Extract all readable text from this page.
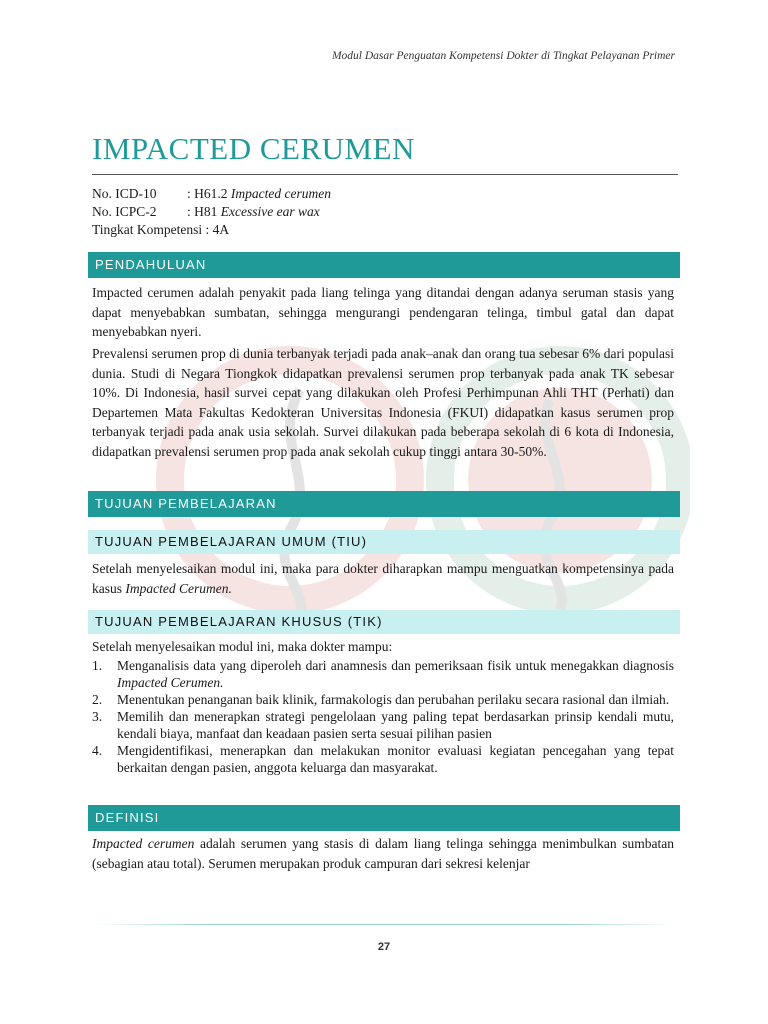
Modul Dasar Penguatan Kompetensi Dokter di Tingkat Pelayanan Primer
IMPACTED CERUMEN
No. ICD-10	: H61.2 Impacted cerumen
No. ICPC-2	: H81 Excessive ear wax
Tingkat Kompetensi : 4A
PENDAHULUAN

Impacted cerumen adalah penyakit pada liang telinga yang ditandai dengan adanya seruman stasis yang dapat menyebabkan sumbatan, sehingga mengurangi pendengaran telinga, timbul gatal dan dapat menyebabkan nyeri.

Prevalensi serumen prop di dunia terbanyak terjadi pada anak–anak dan orang tua sebesar 6% dari populasi dunia. Studi di Negara Tiongkok didapatkan prevalensi serumen prop terbanyak pada anak TK sebesar 10%. Di Indonesia, hasil survei cepat yang dilakukan oleh Profesi Perhimpunan Ahli THT (Perhati) dan Departemen Mata Fakultas Kedokteran Universitas Indonesia (FKUI) didapatkan kasus serumen prop terbanyak terjadi pada anak usia sekolah. Survei dilakukan pada beberapa sekolah di 6 kota di Indonesia, didapatkan prevalensi serumen prop pada anak sekolah cukup tinggi antara 30-50%.

TUJUAN PEMBELAJARAN
TUJUAN PEMBELAJARAN UMUM (TIU)

Setelah menyelesaikan modul ini, maka para dokter diharapkan mampu menguatkan kompetensinya pada kasus Impacted Cerumen.

TUJUAN PEMBELAJARAN KHUSUS (TIK)

Setelah menyelesaikan modul ini, maka dokter mampu:

1.	Menganalisis data yang diperoleh dari anamnesis dan pemeriksaan fisik untuk menegakkan diagnosis Impacted Cerumen.
2.	Menentukan penanganan baik klinik, farmakologis dan perubahan perilaku secara rasional dan ilmiah.
3.	Memilih dan menerapkan strategi pengelolaan yang paling tepat berdasarkan prinsip kendali mutu, kendali biaya, manfaat dan keadaan pasien serta sesuai pilihan pasien
4.	Mengidentifikasi, menerapkan dan melakukan monitor evaluasi kegiatan pencegahan yang tepat berkaitan dengan pasien, anggota keluarga dan masyarakat.
DEFINISI

Impacted cerumen adalah serumen yang stasis di dalam liang telinga sehingga menimbulkan sumbatan (sebagian atau total). Serumen merupakan produk campuran dari sekresi kelenjar

27
